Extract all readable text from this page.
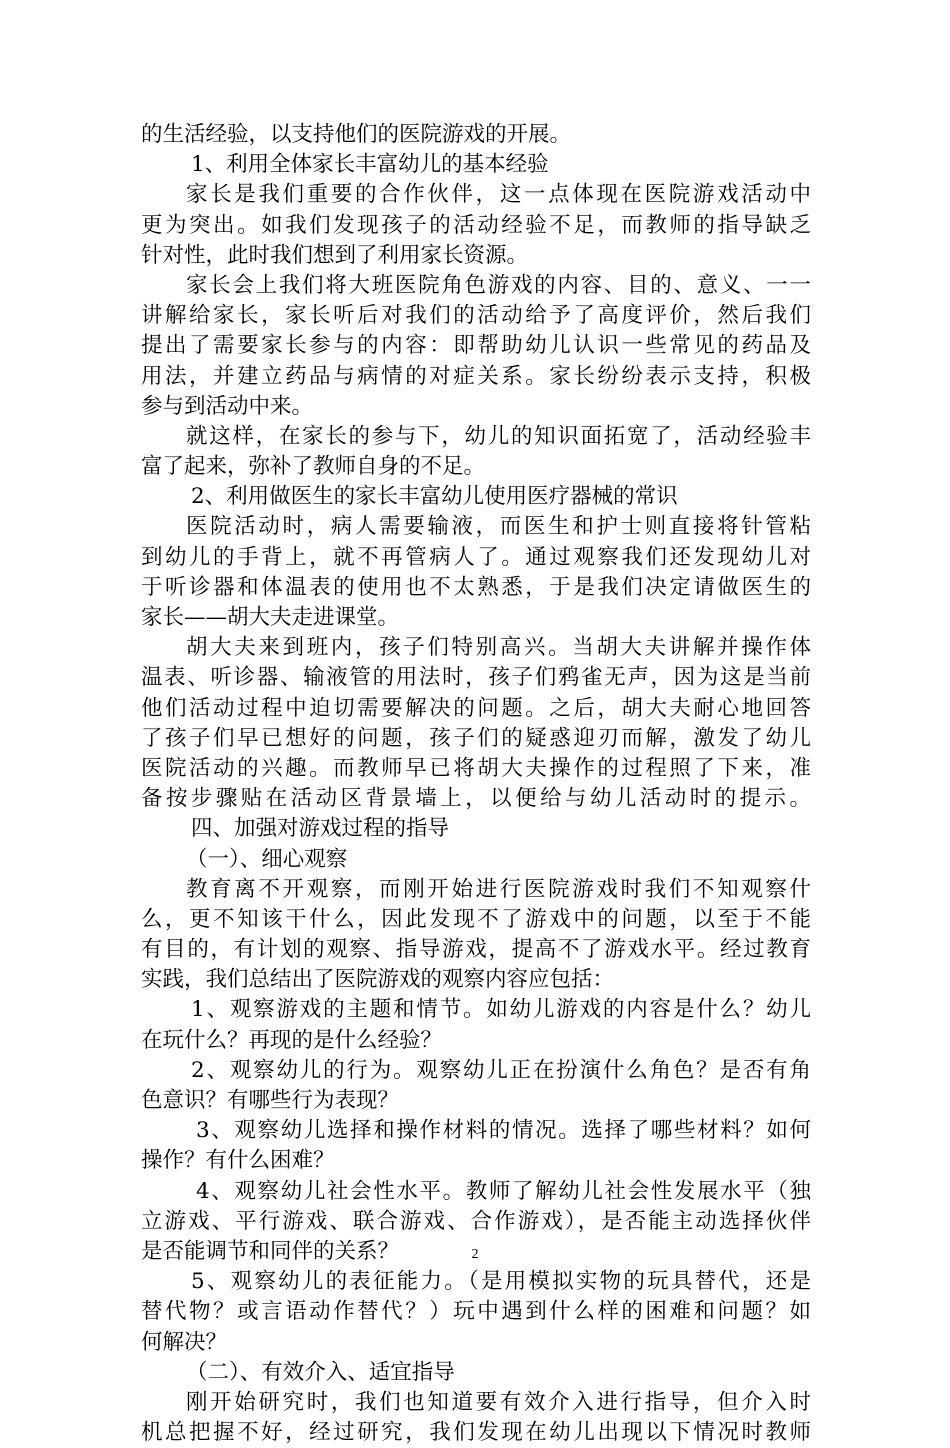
的生活经验，以支持他们的医院游戏的开展。
1、利用全体家长丰富幼儿的基本经验
家长是我们重要的合作伙伴，这一点体现在医院游戏活动中
更为突出。如我们发现孩子的活动经验不足，而教师的指导缺乏
针对性，此时我们想到了利用家长资源。
家长会上我们将大班医院角色游戏的内容、目的、意义、一一
讲解给家长，家长听后对我们的活动给予了高度评价，然后我们
提出了需要家长参与的内容：即帮助幼儿认识一些常见的药品及
用法，并建立药品与病情的对症关系。家长纷纷表示支持，积极
参与到活动中来。
就这样，在家长的参与下，幼儿的知识面拓宽了，活动经验丰
富了起来，弥补了教师自身的不足。
2、利用做医生的家长丰富幼儿使用医疗器械的常识
医院活动时，病人需要输液，而医生和护士则直接将针管粘
到幼儿的手背上，就不再管病人了。通过观察我们还发现幼儿对
于听诊器和体温表的使用也不太熟悉，于是我们决定请做医生的
家长——胡大夫走进课堂。
胡大夫来到班内，孩子们特别高兴。当胡大夫讲解并操作体
温表、听诊器、输液管的用法时，孩子们鸦雀无声，因为这是当前
他们活动过程中迫切需要解决的问题。之后，胡大夫耐心地回答
了孩子们早已想好的问题，孩子们的疑惑迎刃而解，激发了幼儿
医院活动的兴趣。而教师早已将胡大夫操作的过程照了下来，准
备按步骤贴在活动区背景墙上，以便给与幼儿活动时的提示。
四、加强对游戏过程的指导
（一）、细心观察
教育离不开观察，而刚开始进行医院游戏时我们不知观察什
么，更不知该干什么，因此发现不了游戏中的问题，以至于不能
有目的，有计划的观察、指导游戏，提高不了游戏水平。经过教育
实践，我们总结出了医院游戏的观察内容应包括：
1、观察游戏的主题和情节。如幼儿游戏的内容是什么？幼儿
在玩什么？再现的是什么经验？
2、观察幼儿的行为。观察幼儿正在扮演什么角色？是否有角
色意识？有哪些行为表现？
3、观察幼儿选择和操作材料的情况。选择了哪些材料？如何
操作？有什么困难？
4、观察幼儿社会性水平。教师了解幼儿社会性发展水平（独
立游戏、平行游戏、联合游戏、合作游戏），是否能主动选择伙伴
是否能调节和同伴的关系？
5、观察幼儿的表征能力。（是用模拟实物的玩具替代，还是
替代物？或言语动作替代？）玩中遇到什么样的困难和问题？如
何解决？
（二）、有效介入、适宜指导
刚开始研究时，我们也知道要有效介入进行指导，但介入时
机总把握不好，经过研究，我们发现在幼儿出现以下情况时教师
2
